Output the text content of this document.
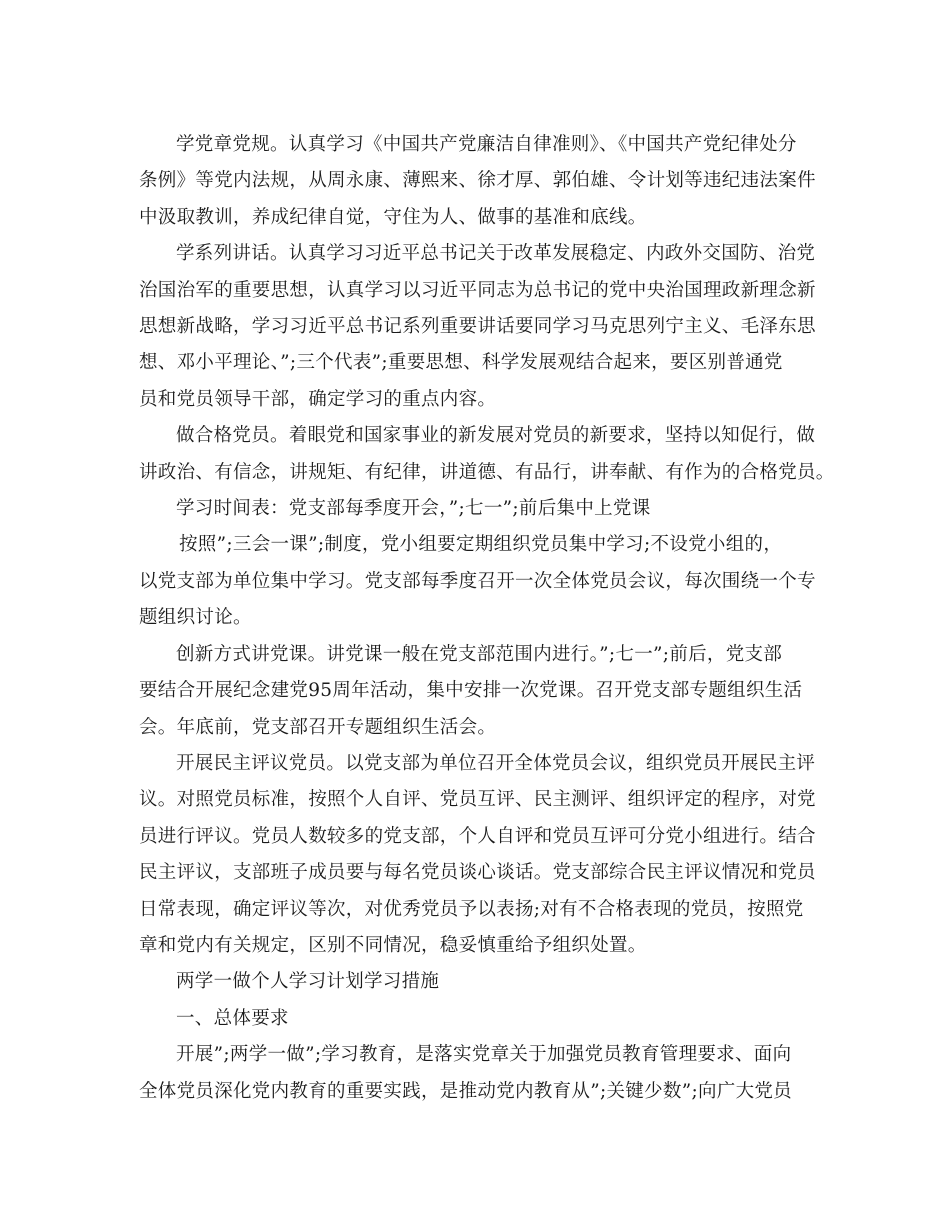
学党章党规。认真学习《中国共产党廉洁自律准则》、《中国共产党纪律处分
条例》等党内法规，从周永康、薄熙来、徐才厚、郭伯雄、令计划等违纪违法案件
中汲取教训，养成纪律自觉，守住为人、做事的基准和底线。
学系列讲话。认真学习习近平总书记关于改革发展稳定、内政外交国防、治党
治国治军的重要思想，认真学习以习近平同志为总书记的党中央治国理政新理念新
思想新战略，学习习近平总书记系列重要讲话要同学习马克思列宁主义、毛泽东思
想、邓小平理论、”;三个代表”;重要思想、科学发展观结合起来，要区别普通党
员和党员领导干部，确定学习的重点内容。
做合格党员。着眼党和国家事业的新发展对党员的新要求，坚持以知促行，做
讲政治、有信念，讲规矩、有纪律，讲道德、有品行，讲奉献、有作为的合格党员。
学习时间表：党支部每季度开会，”;七一”;前后集中上党课
按照”;三会一课”;制度，党小组要定期组织党员集中学习;不设党小组的，
以党支部为单位集中学习。党支部每季度召开一次全体党员会议，每次围绕一个专
题组织讨论。
创新方式讲党课。讲党课一般在党支部范围内进行。”;七一”;前后，党支部
要结合开展纪念建党95周年活动，集中安排一次党课。召开党支部专题组织生活
会。年底前，党支部召开专题组织生活会。
开展民主评议党员。以党支部为单位召开全体党员会议，组织党员开展民主评
议。对照党员标准，按照个人自评、党员互评、民主测评、组织评定的程序，对党
员进行评议。党员人数较多的党支部，个人自评和党员互评可分党小组进行。结合
民主评议，支部班子成员要与每名党员谈心谈话。党支部综合民主评议情况和党员
日常表现，确定评议等次，对优秀党员予以表扬;对有不合格表现的党员，按照党
章和党内有关规定，区别不同情况，稳妥慎重给予组织处置。
两学一做个人学习计划学习措施
一、总体要求
开展”;两学一做”;学习教育，是落实党章关于加强党员教育管理要求、面向
全体党员深化党内教育的重要实践，是推动党内教育从”;关键少数”;向广大党员
